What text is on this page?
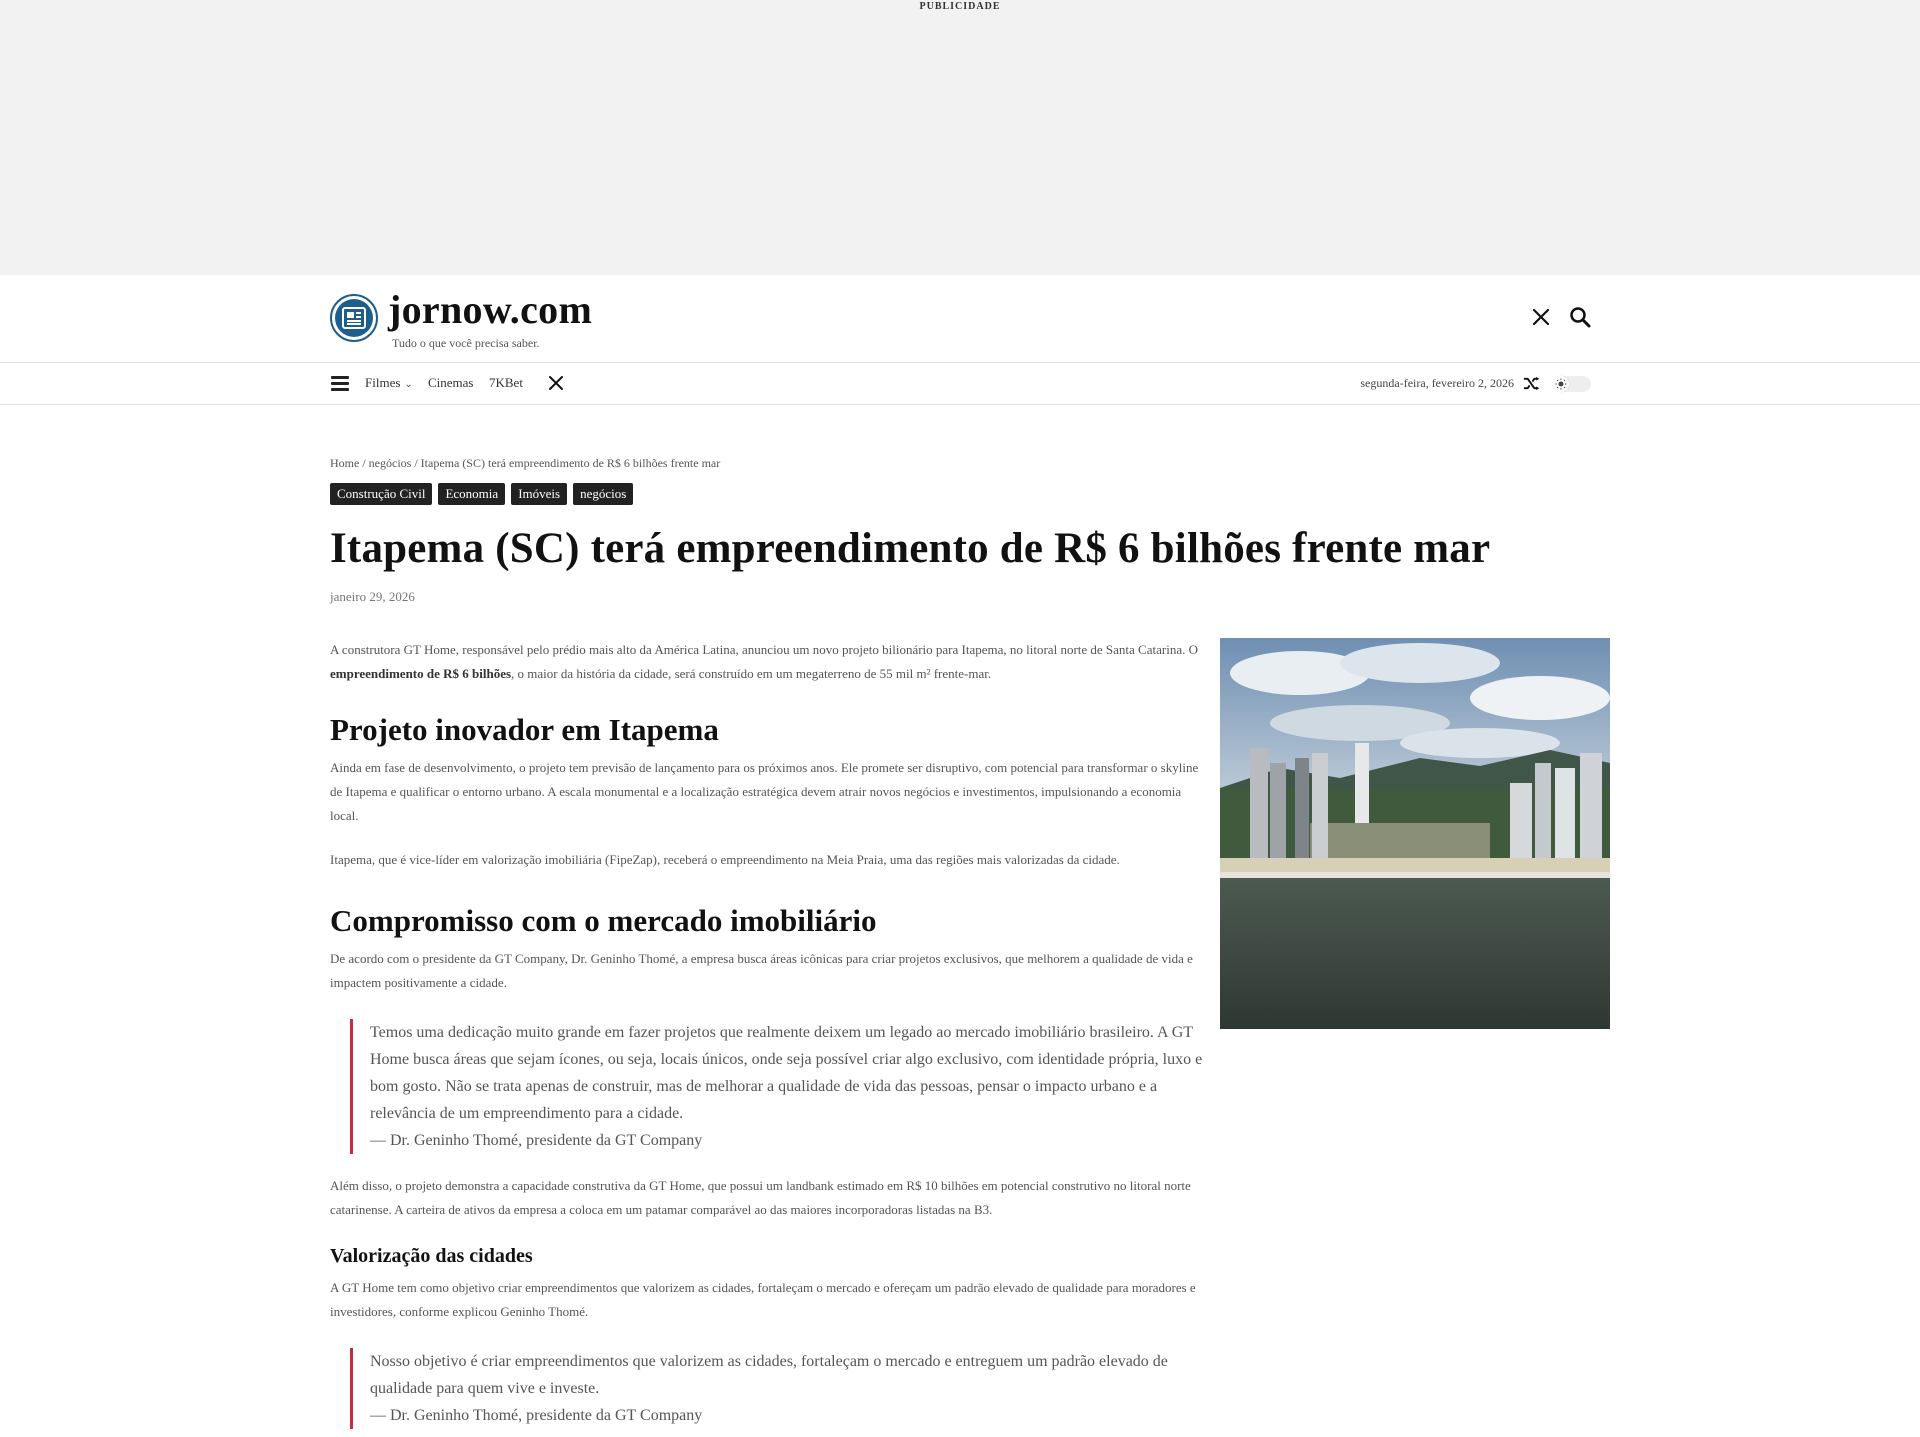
PUBLICIDADE
jornow.com
Tudo o que você precisa saber.
Filmes ⌄ Cinemas 7KBet	segunda-feira, fevereiro 2, 2026
Home / negócios / Itapema (SC) terá empreendimento de R$ 6 bilhões frente mar
Construção Civil	Economia	Imóveis	negócios
Itapema (SC) terá empreendimento de R$ 6 bilhões frente mar
janeiro 29, 2026

A construtora GT Home, responsável pelo prédio mais alto da América Latina, anunciou um novo projeto bilionário para Itapema, no litoral norte de Santa Catarina. O empreendimento de R$ 6 bilhões, o maior da história da cidade, será construído em um megaterreno de 55 mil m² frente-mar.

Projeto inovador em Itapema

Ainda em fase de desenvolvimento, o projeto tem previsão de lançamento para os próximos anos. Ele promete ser disruptivo, com potencial para transformar o skyline de Itapema e qualificar o entorno urbano. A escala monumental e a localização estratégica devem atrair novos negócios e investimentos, impulsionando a economia local.

Itapema, que é vice-líder em valorização imobiliária (FipeZap), receberá o empreendimento na Meia Praia, uma das regiões mais valorizadas da cidade.

Compromisso com o mercado imobiliário

De acordo com o presidente da GT Company, Dr. Geninho Thomé, a empresa busca áreas icônicas para criar projetos exclusivos, que melhorem a qualidade de vida e impactem positivamente a cidade.

Temos uma dedicação muito grande em fazer projetos que realmente deixem um legado ao mercado imobiliário brasileiro. A GT Home busca áreas que sejam ícones, ou seja, locais únicos, onde seja possível criar algo exclusivo, com identidade própria, luxo e bom gosto. Não se trata apenas de construir, mas de melhorar a qualidade de vida das pessoas, pensar o impacto urbano e a relevância de um empreendimento para a cidade.
— Dr. Geninho Thomé, presidente da GT Company

Além disso, o projeto demonstra a capacidade construtiva da GT Home, que possui um landbank estimado em R$ 10 bilhões em potencial construtivo no litoral norte catarinense. A carteira de ativos da empresa a coloca em um patamar comparável ao das maiores incorporadoras listadas na B3.

Valorização das cidades

A GT Home tem como objetivo criar empreendimentos que valorizem as cidades, fortaleçam o mercado e ofereçam um padrão elevado de qualidade para moradores e investidores, conforme explicou Geninho Thomé.

Nosso objetivo é criar empreendimentos que valorizem as cidades, fortaleçam o mercado e entreguem um padrão elevado de qualidade para quem vive e investe.
— Dr. Geninho Thomé, presidente da GT Company
